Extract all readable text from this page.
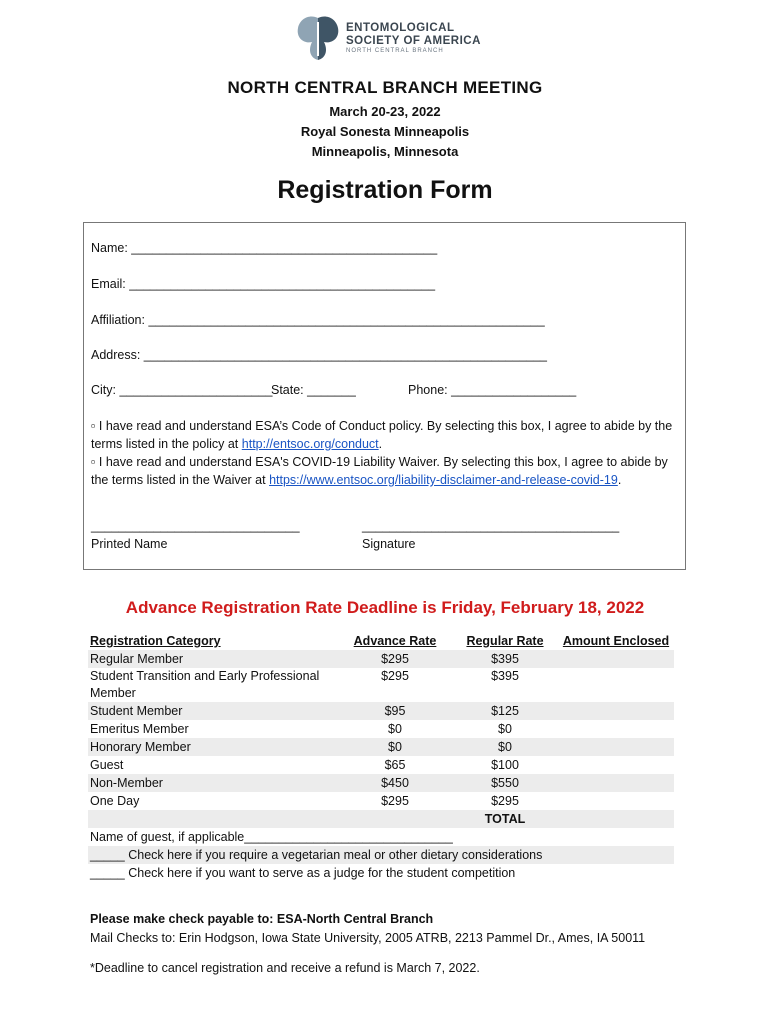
ENTOMOLOGICAL
SOCIETY OF AMERICA
NORTH CENTRAL BRANCH
NORTH CENTRAL BRANCH MEETING
March 20-23, 2022
Royal Sonesta Minneapolis
Minneapolis, Minnesota
Registration Form
Name: ____________________________________________
Email: ____________________________________________
Affiliation: _________________________________________________________
Address: __________________________________________________________
City: ______________________
State: _______	Phone: __________________
▫ I have read and understand ESA’s Code of Conduct policy. By selecting this box, I agree to abide by the terms listed in the policy at http://entsoc.org/conduct.
▫ I have read and understand ESA's COVID-19 Liability Waiver. By selecting this box, I agree to abide by the terms listed in the Waiver at https://www.entsoc.org/liability-disclaimer-and-release-covid-19.
______________________________
Printed Name
_____________________________________
Signature
Advance Registration Rate Deadline is Friday, February 18, 2022
Registration Category	Advance Rate	Regular Rate	Amount Enclosed
Regular Member	$295	$395
Student Transition and Early Professional Member
$295	$395
Student Member	$95	$125
Emeritus Member	$0	$0
Honorary Member	$0	$0
Guest	$65	$100
Non-Member	$450	$550
One Day	$295	$295
TOTAL
Name of guest, if applicable______________________________
_____ Check here if you require a vegetarian meal or other dietary considerations
_____ Check here if you want to serve as a judge for the student competition
Please make check payable to: ESA-North Central Branch
Mail Checks to: Erin Hodgson, Iowa State University, 2005 ATRB, 2213 Pammel Dr., Ames, IA 50011
*Deadline to cancel registration and receive a refund is March 7, 2022.
